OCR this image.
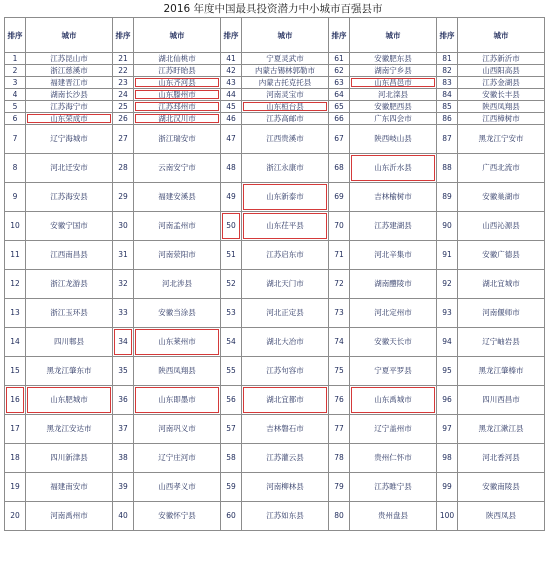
2016 年度中国最具投资潜力中小城市百强县市
排序	城市	排序	城市	排序	城市	排序	城市	排序	城市
1	江苏昆山市	21	湖北仙桃市	41	宁夏灵武市	61	安徽肥东县	81	江苏新沂市
2	浙江慈溪市	22	江苏盱眙县	42	内蒙古锡林郭勒市	62	湖南宁乡县	82	山西阳高县
3	福建晋江市	23	山东齐河县	43	内蒙古托克托县	63	山东昌邑市	83	江苏金湖县
4	湖南长沙县	24	山东滕州市	44	河南灵宝市	64	河北滦县	84	安徽长丰县
5	江苏海宁市	25	江苏邳州市	45	山东桓台县	65	安徽肥西县	85	陕西凤翔县
6	山东荣成市	26	湖北汉川市	46	江苏高邮市	66	广东四会市	86	江西樟树市
7	辽宁海城市	27	浙江瑞安市	47	江西贵溪市	67	陕西岐山县	87	黑龙江宁安市
8	河北迁安市	28	云南安宁市	48	浙江永康市	68	山东沂水县	88	广西北流市
9	江苏海安县	29	福建安溪县	49	山东新泰市	69	吉林榆树市	89	安徽巢湖市
10	安徽宁国市	30	河南孟州市	50	山东茌平县	70	江苏建湖县	90	山西沁源县
11	江西南昌县	31	河南荥阳市	51	江苏启东市	71	河北辛集市	91	安徽广德县
12	浙江龙游县	32	河北涉县	52	湖北天门市	72	湖南醴陵市	92	湖北宜城市
13	浙江玉环县	33	安徽当涂县	53	河北正定县	73	河北定州市	93	河南偃师市
14	四川郫县	34	山东莱州市	54	湖北大冶市	74	安徽天长市	94	辽宁岫岩县
15	黑龙江肇东市	35	陕西凤翔县	55	江苏句容市	75	宁夏平罗县	95	黑龙江肇榛市
16	山东肥城市	36	山东即墨市	56	湖北宜都市	76	山东禹城市	96	四川西昌市
17	黑龙江安达市	37	河南巩义市	57	吉林磐石市	77	辽宁盖州市	97	黑龙江漱江县
18	四川新津县	38	辽宁庄河市	58	江苏灌云县	78	贵州仁怀市	98	河北香河县
19	福建南安市	39	山西孝义市	59	河南柳林县	79	江苏睢宁县	99	安徽南陵县
20	河南禹州市	40	安徽怀宁县	60	江苏如东县	80	贵州盘县	100	陕西凤县
